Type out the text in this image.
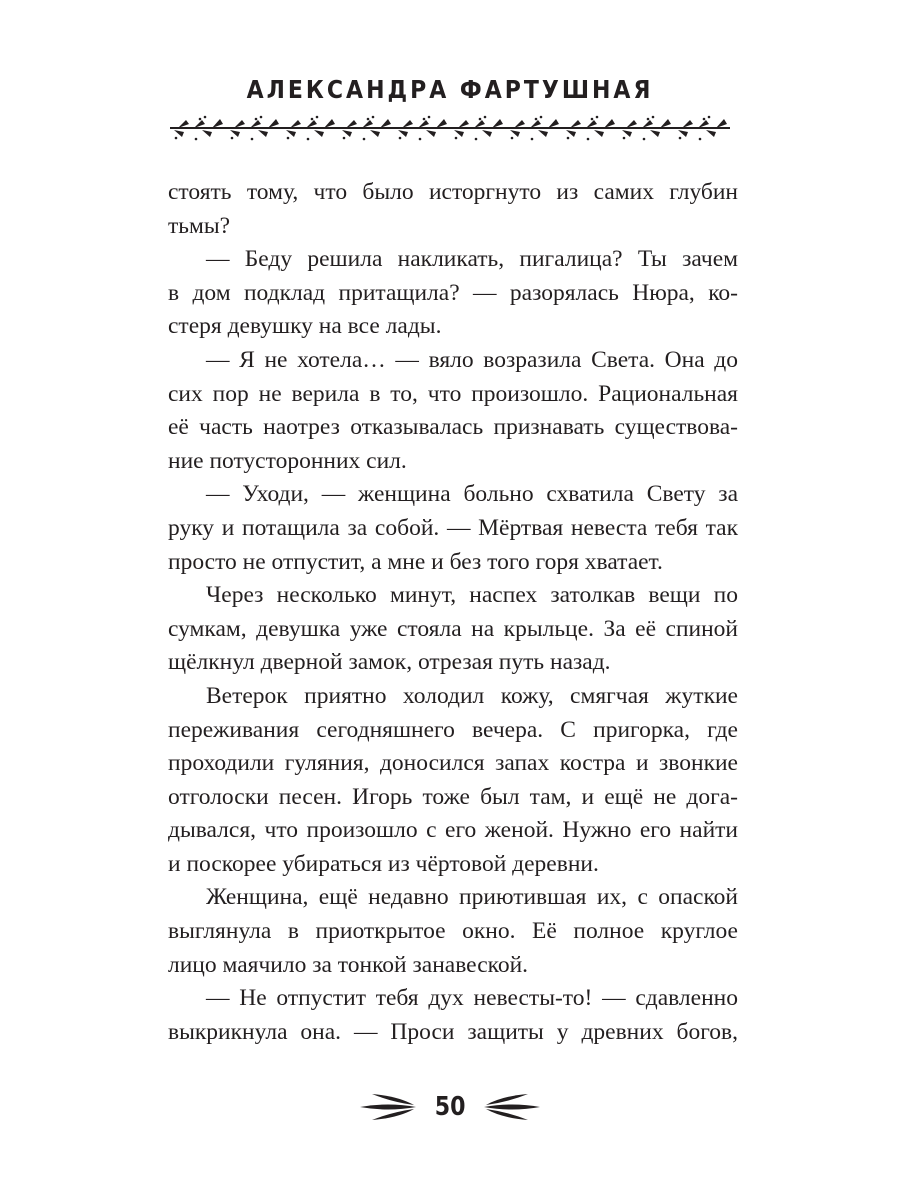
АЛЕКСАНДРА ФАРТУШНАЯ
стоять тому, что было исторгнуто из самих глубин
тьмы?
— Беду решила накликать, пигалица? Ты зачем
в дом подклад притащила? — разорялась Нюра, ко-
стеря девушку на все лады.
— Я не хотела… — вяло возразила Света. Она до
сих пор не верила в то, что произошло. Рациональная
её часть наотрез отказывалась признавать существова-
ние потусторонних сил.
— Уходи, — женщина больно схватила Свету за
руку и потащила за собой. — Мёртвая невеста тебя так
просто не отпустит, а мне и без того горя хватает.
Через несколько минут, наспех затолкав вещи по
сумкам, девушка уже стояла на крыльце. За её спиной
щёлкнул дверной замок, отрезая путь назад.
Ветерок приятно холодил кожу, смягчая жуткие
переживания сегодняшнего вечера. С пригорка, где
проходили гуляния, доносился запах костра и звонкие
отголоски песен. Игорь тоже был там, и ещё не дога-
дывался, что произошло с его женой. Нужно его найти
и поскорее убираться из чёртовой деревни.
Женщина, ещё недавно приютившая их, с опаской
выглянула в приоткрытое окно. Её полное круглое
лицо маячило за тонкой занавеской.
— Не отпустит тебя дух невесты-то! — сдавленно
выкрикнула она. — Проси защиты у древних богов,
50
